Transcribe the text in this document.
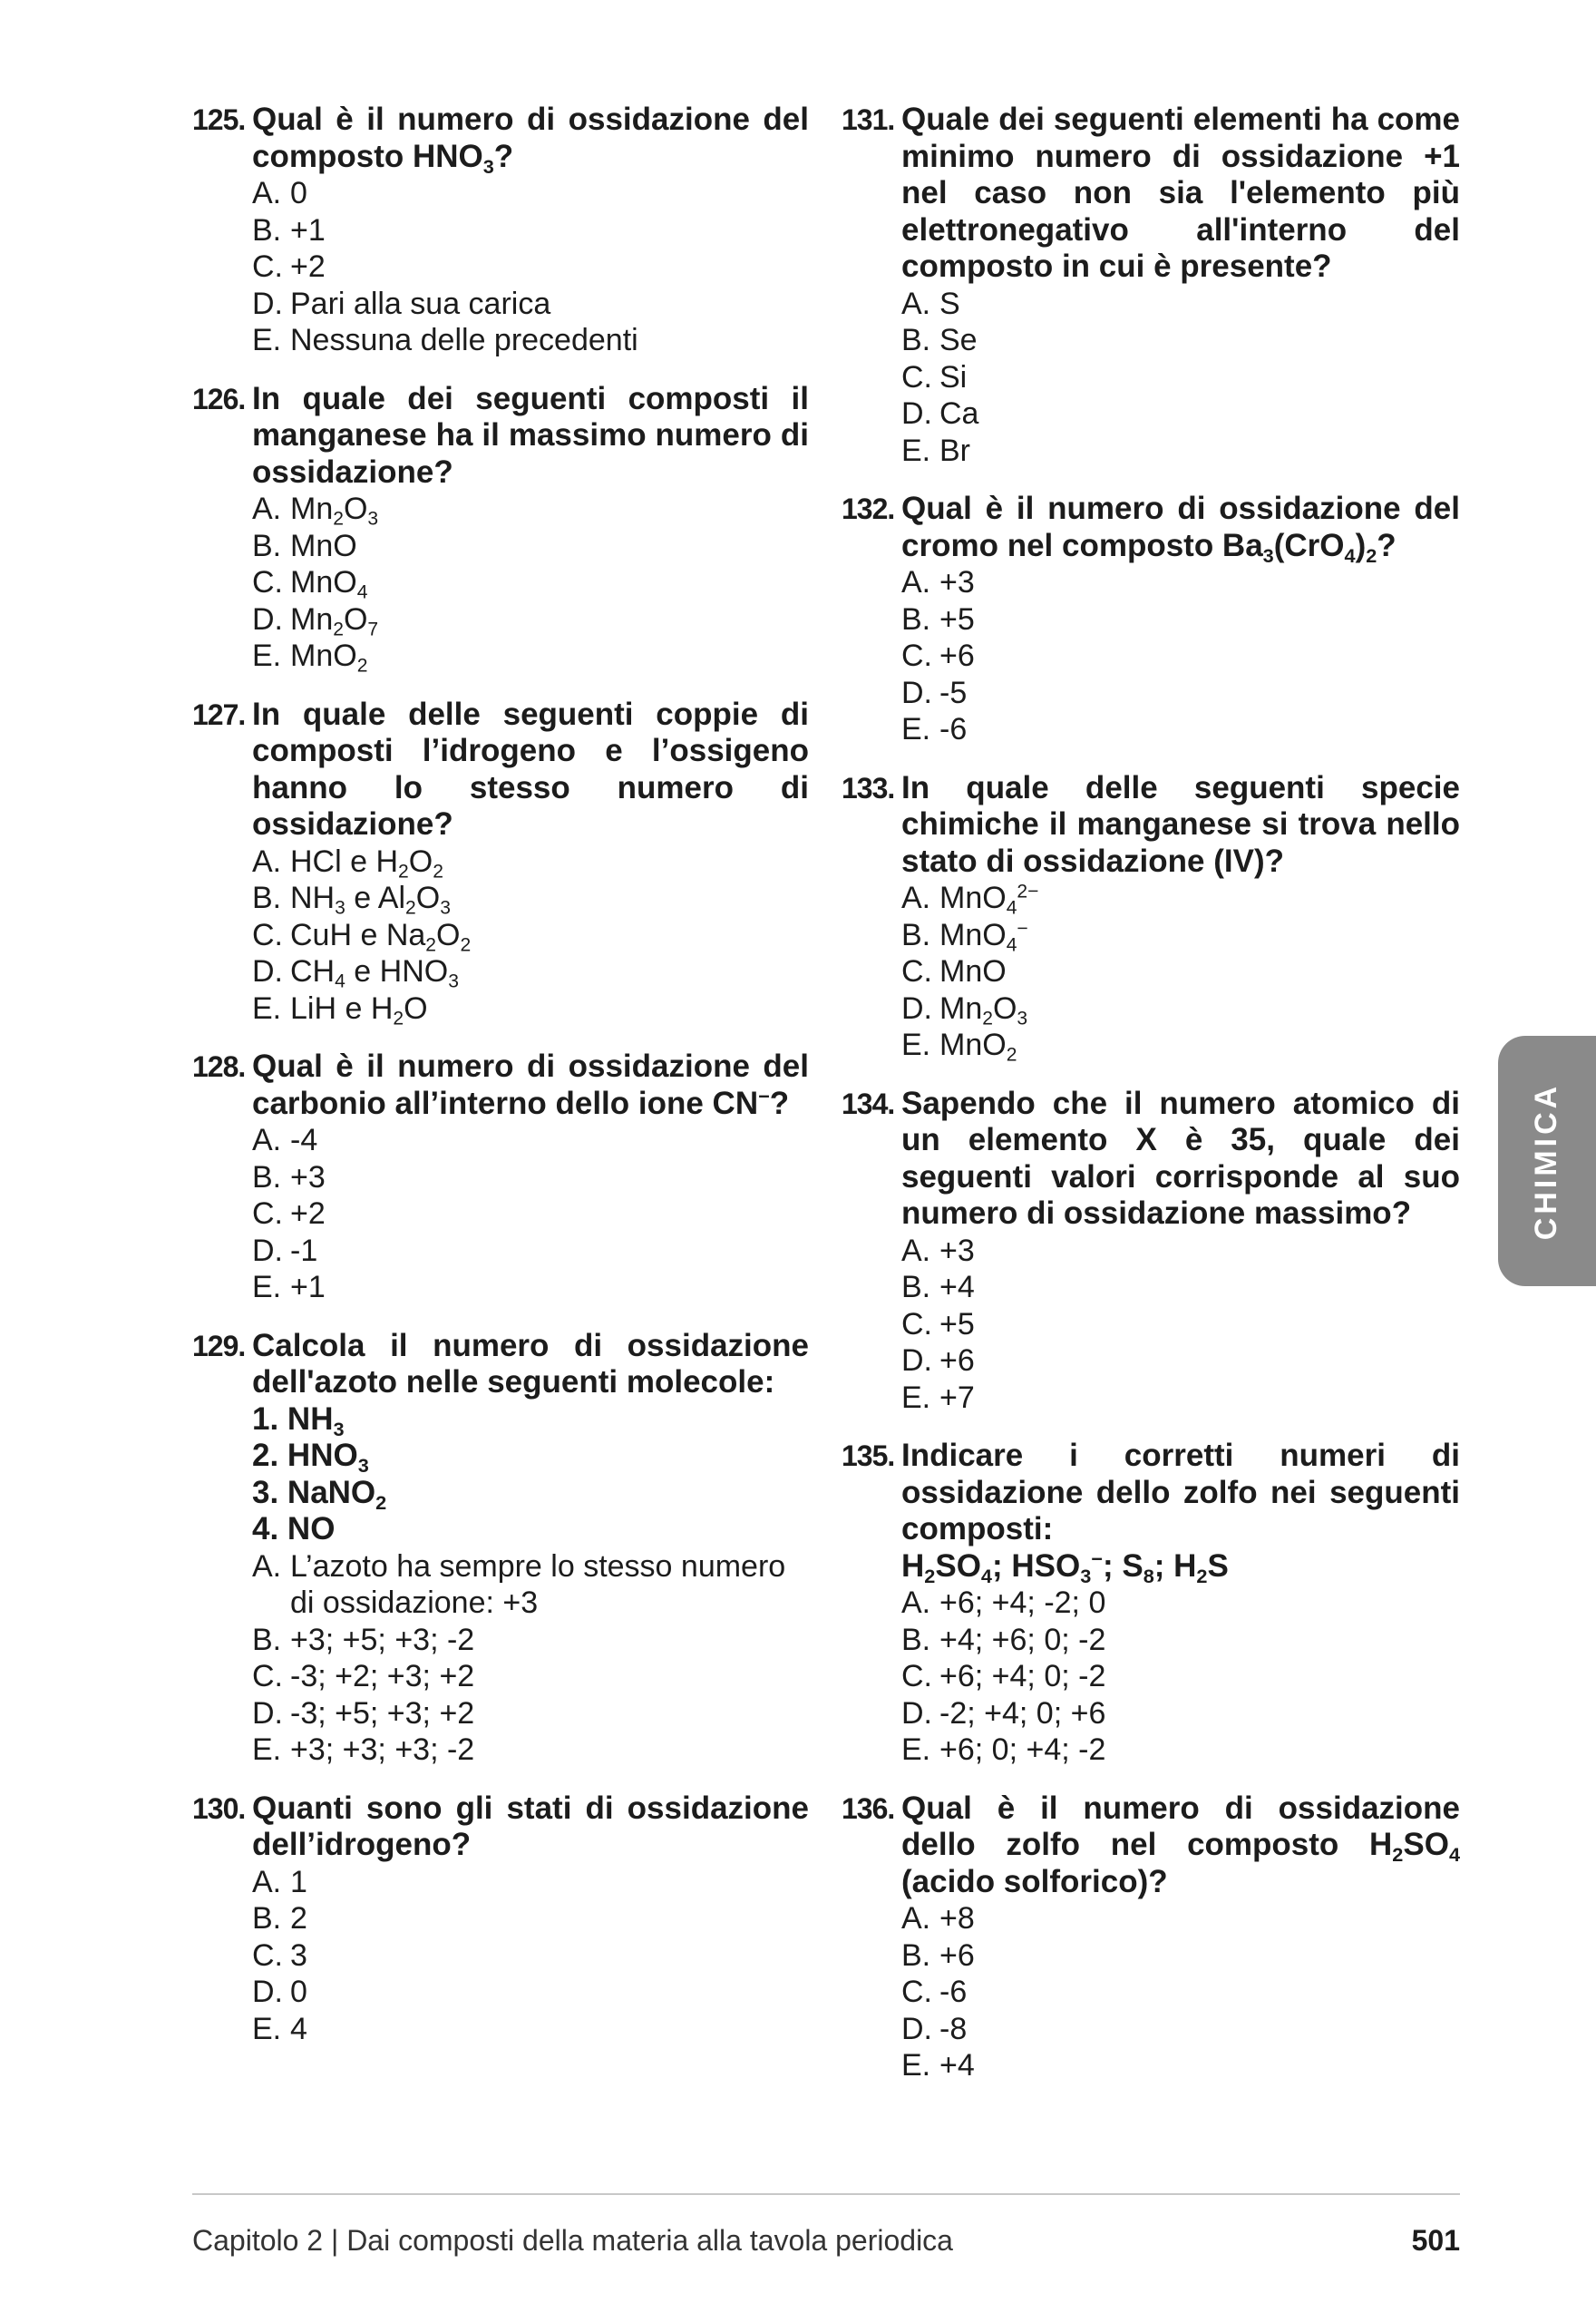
125. Qual è il numero di ossidazione del composto $HNO_3$?
A. 0
B. +1
C. +2
D. Pari alla sua carica
E. Nessuna delle precedenti
126. In quale dei seguenti composti il manganese ha il massimo numero di ossidazione?
A. $Mn_2O_3$
B. MnO
C. MnO$_4$
D. $Mn_2O_7$
E. MnO$_2$
127. In quale delle seguenti coppie di composti l’idrogeno e l’ossigeno hanno lo stesso numero di ossidazione?
A. HCl e $H_2O_2$
B. $NH_3$ e $Al_2O_3$
C. CuH e $Na_2O_2$
D. $CH_4$ e $HNO_3$
E. LiH e $H_2O$
128. Qual è il numero di ossidazione del carbonio all’interno dello ione CN−?
A. -4
B. +3
C. +2
D. -1
E. +1
129. Calcola il numero di ossidazione dell'azoto nelle seguenti molecole:
1. $NH_3$
2. $HNO_3$
3. NaNO$_2$
4. NO
A. L’azoto ha sempre lo stesso numero di ossidazione: +3
B. +3; +5; +3; -2
C. -3; +2; +3; +2
D. -3; +5; +3; +2
E. +3; +3; +3; -2
130. Quanti sono gli stati di ossidazione dell’idrogeno?
A. 1
B. 2
C. 3
D. 0
E. 4
131. Quale dei seguenti elementi ha come minimo numero di ossidazione +1 nel caso non sia l'elemento più elettronegativo all'interno del composto in cui è presente?
A. S
B. Se
C. Si
D. Ca
E. Br
132. Qual è il numero di ossidazione del cromo nel composto $Ba_3(CrO_4)_2$?
A. +3
B. +5
C. +6
D. -5
E. -6
133. In quale delle seguenti specie chimiche il manganese si trova nello stato di ossidazione (IV)?
A. MnO$_4^{2-}$
B. MnO$_4$−
C. MnO
D. $Mn_2O_3$
E. MnO$_2$
134. Sapendo che il numero atomico di un elemento X è 35, quale dei seguenti valori corrisponde al suo numero di ossidazione massimo?
A. +3
B. +4
C. +5
D. +6
E. +7
135. Indicare i corretti numeri di ossidazione dello zolfo nei seguenti composti:
$H_2SO_4$; $HSO_3^-$; $S_8$; $H_2S$
A. +6; +4; -2; 0
B. +4; +6; 0; -2
C. +6; +4; 0; -2
D. -2; +4; 0; +6
E. +6; 0; +4; -2
136. Qual è il numero di ossidazione dello zolfo nel composto $H_2SO_4$ (acido solforico)?
A. +8
B. +6
C. -6
D. -8
E. +4
CHIMICA
Capitolo 2 | Dai composti della materia alla tavola periodica	501
